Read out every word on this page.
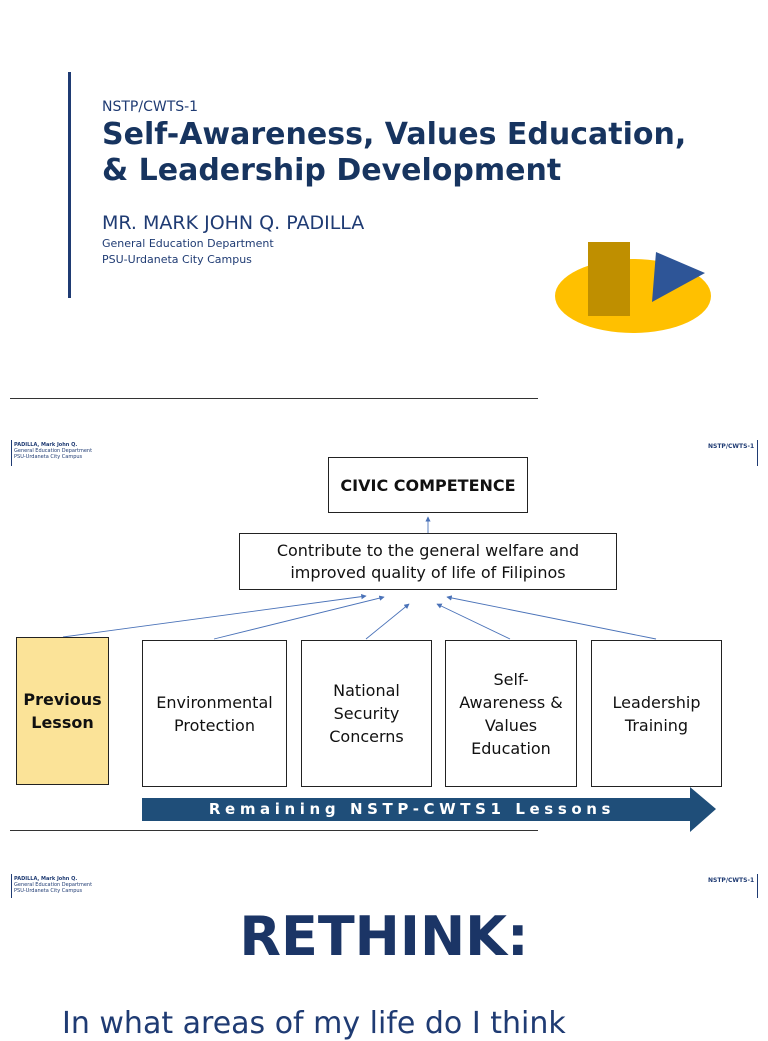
NSTP/CWTS-1
Self-Awareness, Values Education,
& Leadership Development
MR. MARK JOHN Q. PADILLA
General Education Department
PSU-Urdaneta City Campus
PADILLA, Mark John Q.
General Education Department
PSU-Urdaneta City Campus
NSTP/CWTS-1
CIVIC COMPETENCE
Contribute to the general welfare and
improved quality of life of Filipinos
Previous
Lesson
Environmental
Protection
National
Security
Concerns
Self-
Awareness &
Values
Education
Leadership
Training
Remaining NSTP-CWTS1 Lessons
PADILLA, Mark John Q.
General Education Department
PSU-Urdaneta City Campus
NSTP/CWTS-1
RETHINK:
In what areas of my life do I think
